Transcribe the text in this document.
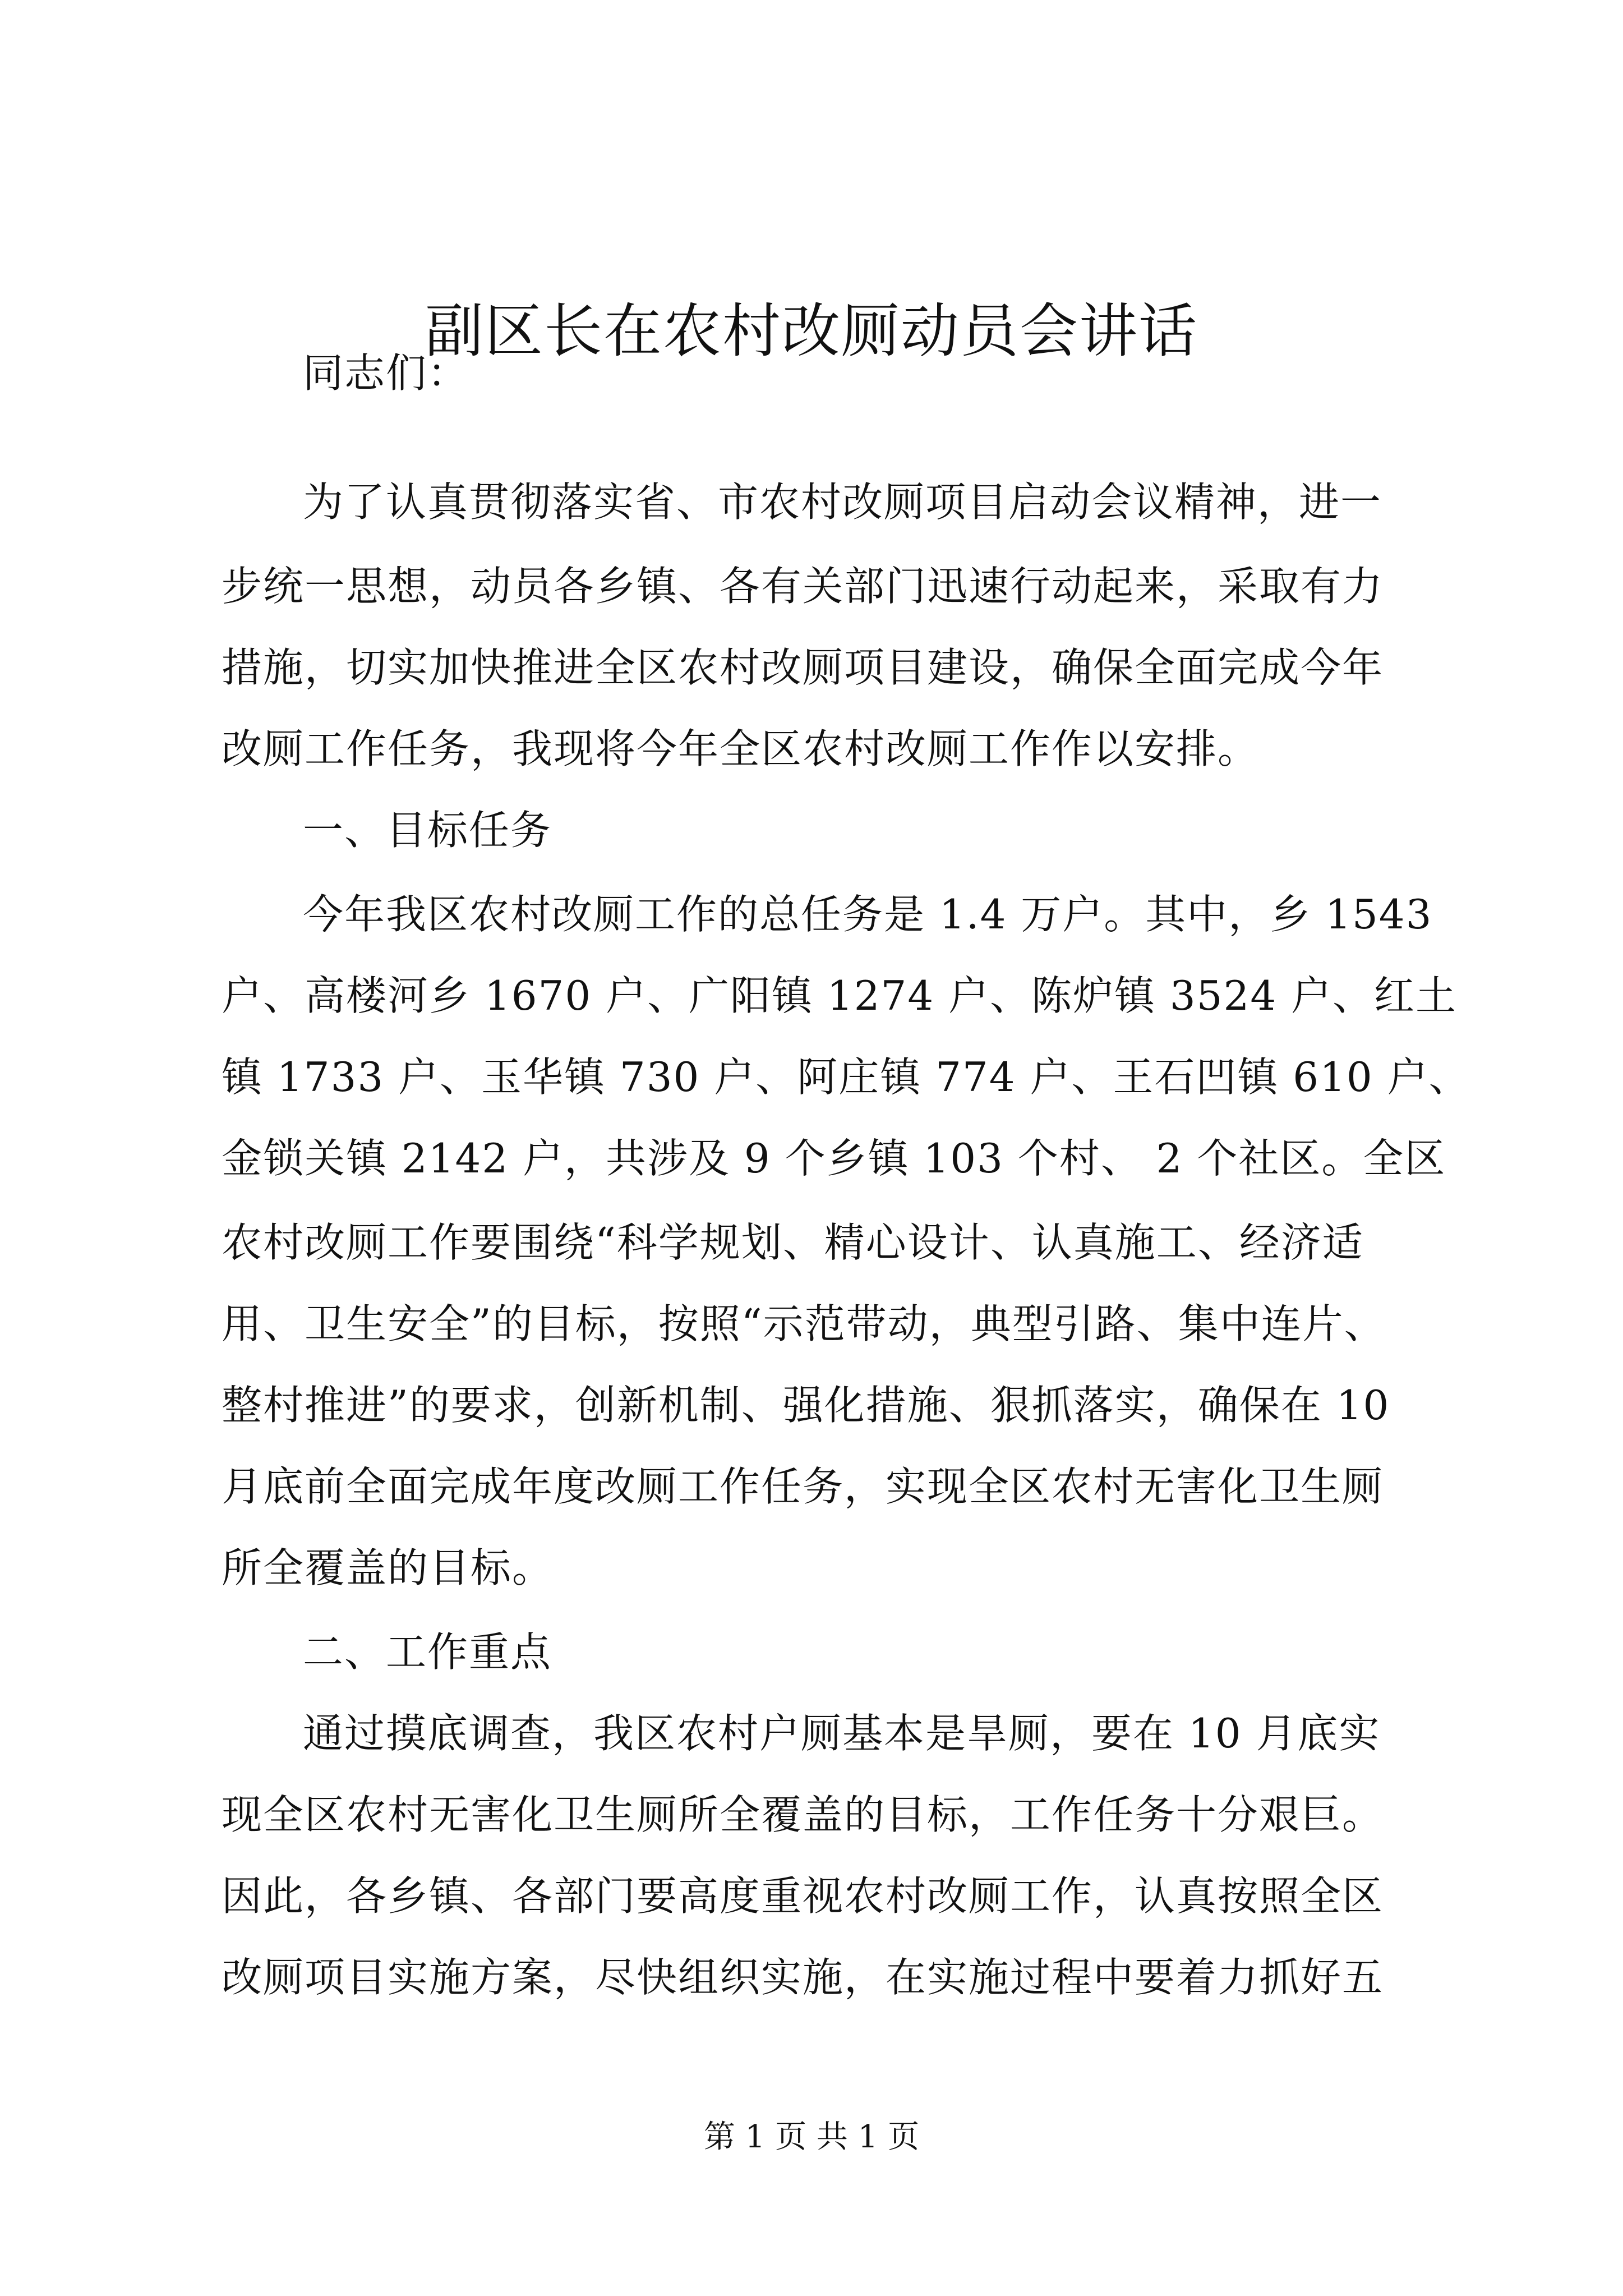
副区长在农村改厕动员会讲话
同志们：
为了认真贯彻落实省、市农村改厕项目启动会议精神，进一
步统一思想，动员各乡镇、各有关部门迅速行动起来，采取有力
措施，切实加快推进全区农村改厕项目建设，确保全面完成今年
改厕工作任务，我现将今年全区农村改厕工作作以安排。
一、目标任务
今年我区农村改厕工作的总任务是 1.4 万户。其中，乡 1543
户、高楼河乡 1670 户、广阳镇 1274 户、陈炉镇 3524 户、红土
镇 1733 户、玉华镇 730 户、阿庄镇 774 户、王石凹镇 610 户、
金锁关镇 2142 户，共涉及 9 个乡镇 103 个村、 2 个社区。全区
农村改厕工作要围绕“科学规划、精心设计、认真施工、经济适
用、卫生安全”的目标，按照“示范带动，典型引路、集中连片、
整村推进”的要求，创新机制、强化措施、狠抓落实，确保在 10
月底前全面完成年度改厕工作任务，实现全区农村无害化卫生厕
所全覆盖的目标。
二、工作重点
通过摸底调查，我区农村户厕基本是旱厕，要在 10 月底实
现全区农村无害化卫生厕所全覆盖的目标，工作任务十分艰巨。
因此，各乡镇、各部门要高度重视农村改厕工作，认真按照全区
改厕项目实施方案，尽快组织实施，在实施过程中要着力抓好五
第 1 页 共 1 页
